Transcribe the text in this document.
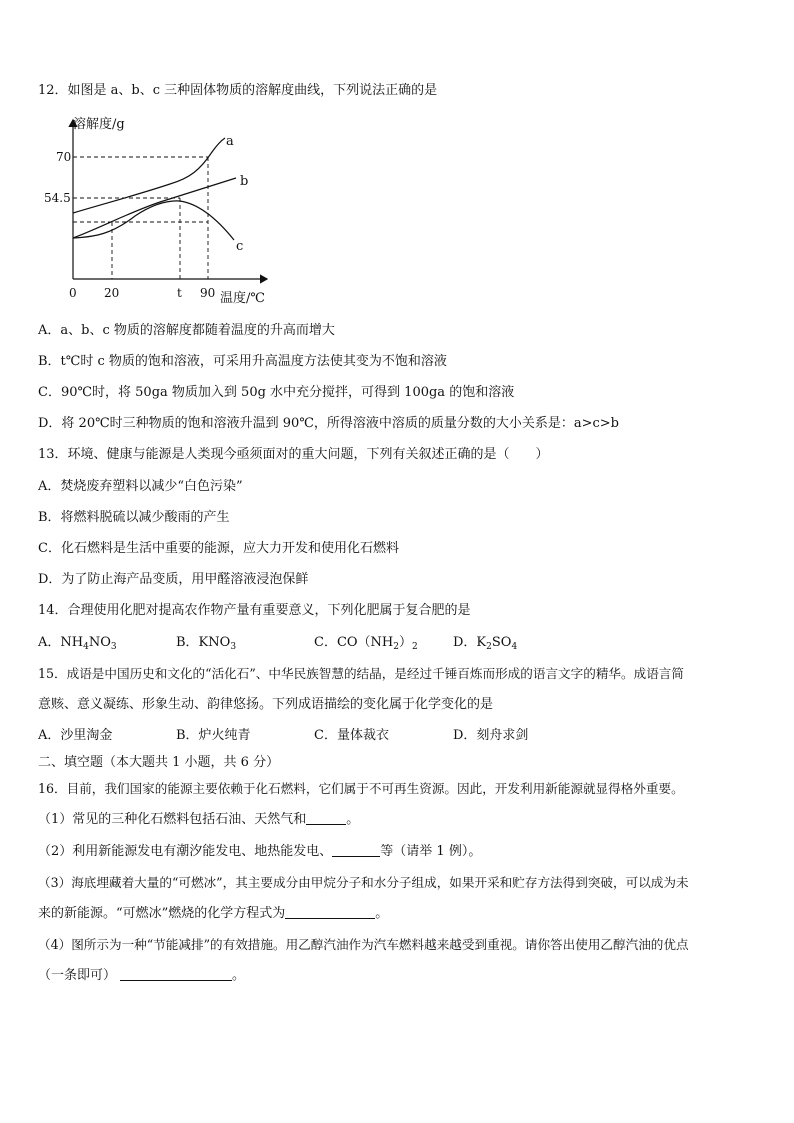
12．如图是 a、b、c 三种固体物质的溶解度曲线，下列说法正确的是
溶解度/g
70
54.5
0 20	t 90 温度/℃
a
b
c
A．a、b、c 物质的溶解度都随着温度的升高而增大
B．t℃时 c 物质的饱和溶液，可采用升高温度方法使其变为不饱和溶液
C．90℃时，将 50ga 物质加入到 50g 水中充分搅拌，可得到 100ga 的饱和溶液
D．将 20℃时三种物质的饱和溶液升温到 90℃，所得溶液中溶质的质量分数的大小关系是：a>c>b
13．环境、健康与能源是人类现今亟须面对的重大问题，下列有关叙述正确的是（　　）
A．焚烧废弃塑料以减少“白色污染”
B．将燃料脱硫以减少酸雨的产生
C．化石燃料是生活中重要的能源，应大力开发和使用化石燃料
D．为了防止海产品变质，用甲醛溶液浸泡保鲜
14．合理使用化肥对提高农作物产量有重要意义，下列化肥属于复合肥的是
A．$NH_4NO_3$	B．$KNO_3$	C．$CO(NH_2)_2$	D．$K_2SO_4$
15．成语是中国历史和文化的“活化石”、中华民族智慧的结晶，是经过千锤百炼而形成的语言文字的精华。成语言简
意赅、意义凝练、形象生动、韵律悠扬。下列成语描绘的变化属于化学变化的是
A．沙里淘金	B．炉火纯青	C．量体裁衣	D．刻舟求剑
二、填空题（本大题共 1 小题，共 6 分）
16．目前，我们国家的能源主要依赖于化石燃料，它们属于不可再生资源。因此，开发利用新能源就显得格外重要。
（1）常见的三种化石燃料包括石油、天然气和	。
（2）利用新能源发电有潮汐能发电、地热能发电、	等（请举 1 例）。
（3）海底埋藏着大量的“可燃冰”，其主要成分由甲烷分子和水分子组成，如果开采和贮存方法得到突破，可以成为未
来的新能源。“可燃冰”燃烧的化学方程式为	。
（4）图所示为一种“节能减排”的有效措施。用乙醇汽油作为汽车燃料越来越受到重视。请你答出使用乙醇汽油的优点
（一条即可）	。
